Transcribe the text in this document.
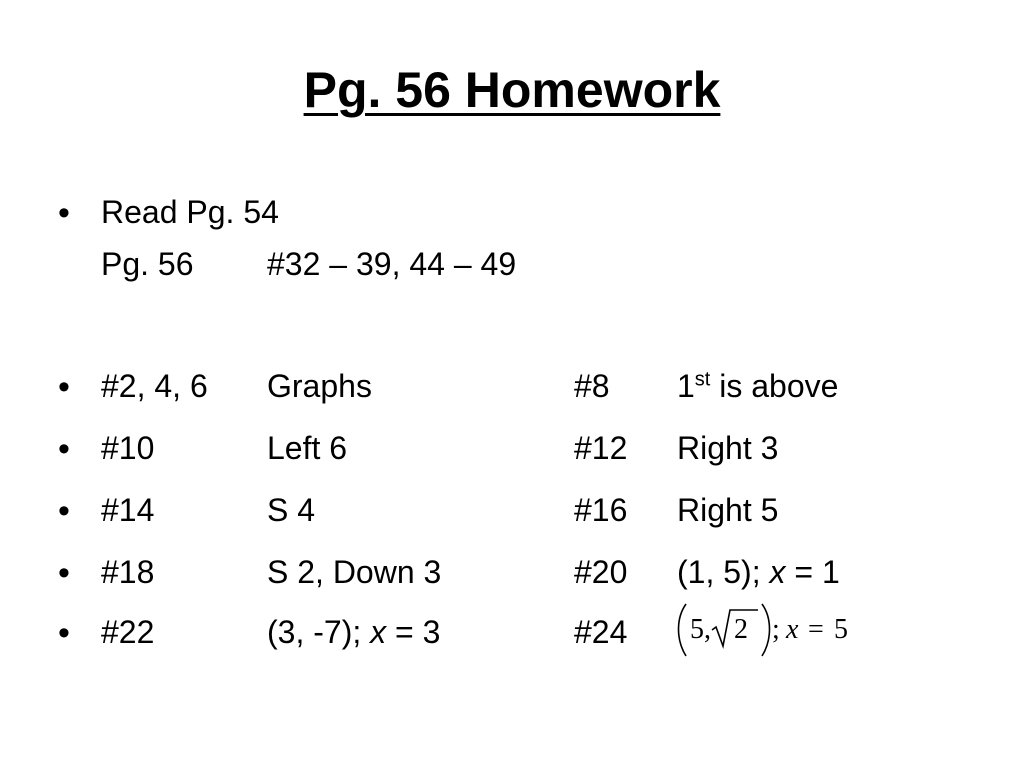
Pg. 56 Homework
• Read Pg. 54
Pg. 56 #32 – 39, 44 – 49
• #2, 4, 6 Graphs	#8 1st is above
• #10	Left 6	#12 Right 3
• #14	S 4	#16 Right 5
• #18	S 2, Down 3	#20 (1, 5); x = 1
• #22	(3, -7); x = 3	#24 5, 2 ; x = 5
